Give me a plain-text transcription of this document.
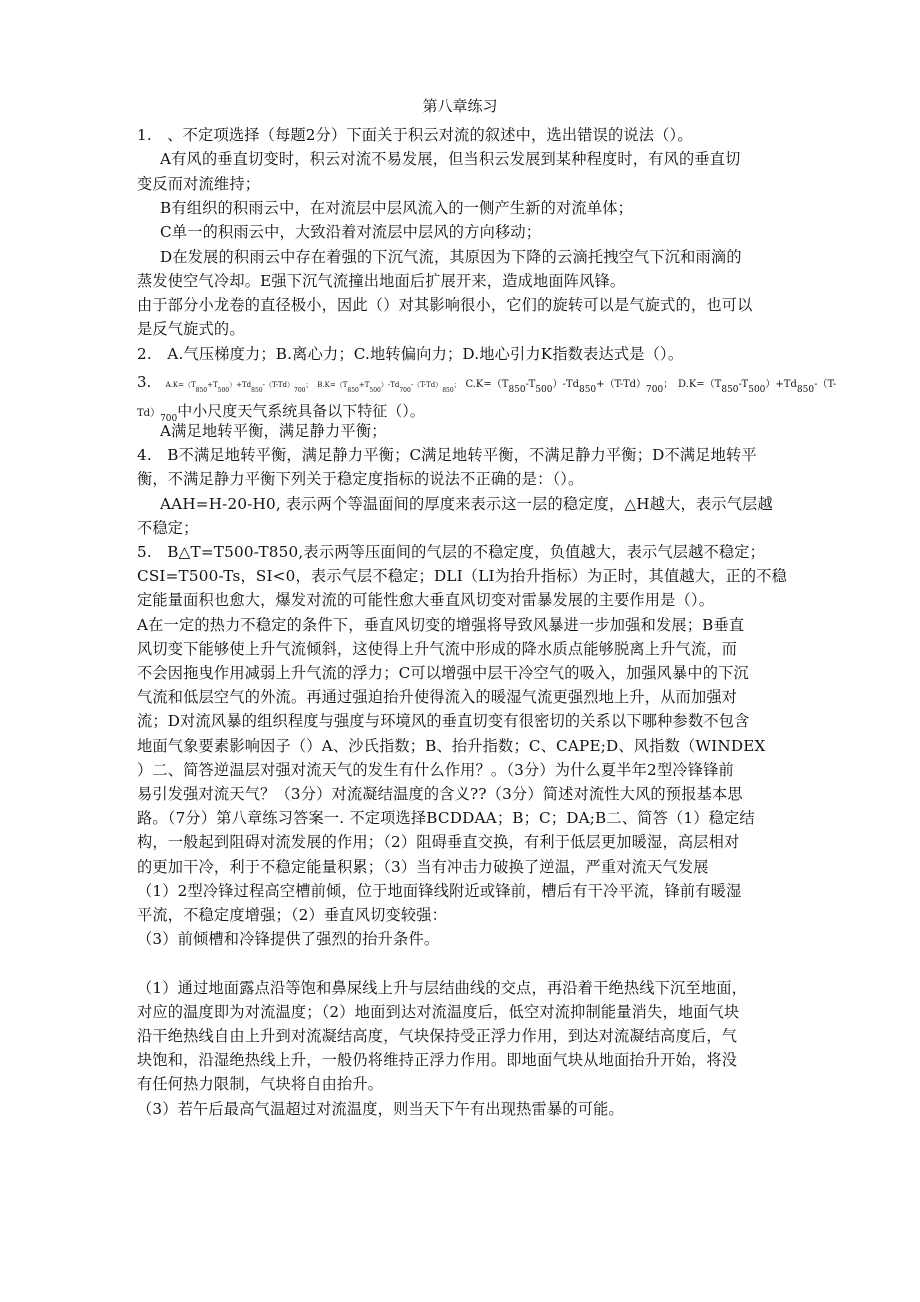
第八章练习
1.　、不定项选择（每题2分）下面关于积云对流的叙述中，选出错误的说法（）。
A有风的垂直切变时，积云对流不易发展，但当积云发展到某种程度时，有风的垂直切
变反而对流维持；
B有组织的积雨云中，在对流层中层风流入的一侧产生新的对流单体；
C单一的积雨云中，大致沿着对流层中层风的方向移动；
D在发展的积雨云中存在着强的下沉气流，其原因为下降的云滴托拽空气下沉和雨滴的
蒸发使空气冷却。E强下沉气流撞出地面后扩展开来，造成地面阵风锋。
由于部分小龙卷的直径极小，因此（）对其影响很小，它们的旋转可以是气旋式的，也可以
是反气旋式的。
2.　A.气压梯度力；B.离心力；C.地转偏向力；D.地心引力K指数表达式是（）。
3. $A.K=(T_{850}+T_{500})+Td_{850}-(T-Td)_{700}$； $B.K=(T_{850}+T_{500})-Td_{700}-(T-Td)_{850}$； $C.K=(T_{850}-T_{500})-Td_{850}+(T-Td)_{700}$； $D.K=(T_{850}-T_{500})+Td_{850}-(T-$
$Td)_{700}$中小尺度天气系统具备以下特征（）。
A满足地转平衡，满足静力平衡；
4.　B不满足地转平衡，满足静力平衡；C满足地转平衡，不满足静力平衡；D不满足地转平
衡，不满足静力平衡下列关于稳定度指标的说法不正确的是：（）。
AAH=H-20-H0, 表示两个等温面间的厚度来表示这一层的稳定度，△H越大，表示气层越
不稳定；
5.　B△T=T500-T850,表示两等压面间的气层的不稳定度，负值越大，表示气层越不稳定；
CSI=T500-Ts，SI<0，表示气层不稳定；DLI（LI为抬升指标）为正时，其值越大，正的不稳
定能量面积也愈大，爆发对流的可能性愈大垂直风切变对雷暴发展的主要作用是（）。
A在一定的热力不稳定的条件下，垂直风切变的增强将导致风暴进一步加强和发展；B垂直
风切变下能够使上升气流倾斜，这使得上升气流中形成的降水质点能够脱离上升气流，而
不会因拖曳作用减弱上升气流的浮力；C可以增强中层干冷空气的吸入，加强风暴中的下沉
气流和低层空气的外流。再通过强迫抬升使得流入的暖湿气流更强烈地上升，从而加强对
流；D对流风暴的组织程度与强度与环境风的垂直切变有很密切的关系以下哪种参数不包含
地面气象要素影响因子（）A、沙氏指数；B、抬升指数；C、CAPE;D、风指数（WINDEX
）二、简答逆温层对强对流天气的发生有什么作用？。（3分）为什么夏半年2型冷锋锋前
易引发强对流天气？（3分）对流凝结温度的含义??（3分）简述对流性大风的预报基本思
路。（7分）第八章练习答案一. 不定项选择BCDDAA；B；C；DA;B二、简答（1）稳定结
构，一般起到阻碍对流发展的作用；（2）阻碍垂直交换，有利于低层更加暖湿，高层相对
的更加干冷，利于不稳定能量积累；（3）当有冲击力破换了逆温，严重对流天气发展
（1）2型冷锋过程高空槽前倾，位于地面锋线附近或锋前，槽后有干冷平流，锋前有暖湿
平流，不稳定度增强；（2）垂直风切变较强：
（3）前倾槽和冷锋提供了强烈的抬升条件。
（1）通过地面露点沿等饱和鼻屎线上升与层结曲线的交点，再沿着干绝热线下沉至地面，
对应的温度即为对流温度；（2）地面到达对流温度后，低空对流抑制能量消失，地面气块
沿干绝热线自由上升到对流凝结高度，气块保持受正浮力作用，到达对流凝结高度后，气
块饱和，沿湿绝热线上升，一般仍将维持正浮力作用。即地面气块从地面抬升开始，将没
有任何热力限制，气块将自由抬升。
（3）若午后最高气温超过对流温度，则当天下午有出现热雷暴的可能。
